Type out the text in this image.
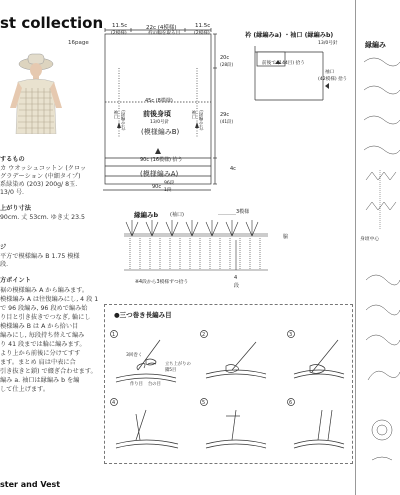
st collection
16page
するもの
カ ウオッシュコットン (クロッ
グラデーション (中細タイプ)
系緑染め (203) 200g/ 8玉.
13/0 号.
上がり寸法
90cm. 丈 53cm. ゆき丈 23.5
ジ
平方で模様編み B 1.75 模様
段.
方ポイント
裾の模様編み A から編みます。
模様編み A は往復編みにし, 4 段 1
で 96 段編み, 96 段めで編み始
り目と引き抜きでつなぎ, 輪にし
模様編み B は A から拾い目
編みにし, 毎段持ち替えて編み
り 41 段までは輪に編みます。
より上から前後に分けてすす
ます。まとめ 肩は中表に合
引き抜きと鎖) で綴ぎ合わせます。
編み a. 袖口は縁編み b を編
して仕上げます。
ster and Vest
11.5c
(2模様)
22c (4模様)
衿の幅を取る目
11.5c
(2模様)
20c
(28段)
29c
(41段)
4c
袖口 (緑編み右)	袖口 (緑編み右)
45c (8模様)
前後身頃
13/0号針
(模様編みB)
90c (16模様) 拾う
(模様編みA)
90c
96段
1段
衿 (縁編みa) ・袖口 (縁編みb)
13/0号針
前後で (144目) 拾う
袖口
(42模様) 拾う
縁編みb (袖口)	3模様
脇
※4段から3模様ずつ拾う
4
段
●三つ巻き長編み目
1	2	3
4	5	6
3回巻く
立ち上がりの
鎖5目
作り目 台の目
縁編み
身頃中心
